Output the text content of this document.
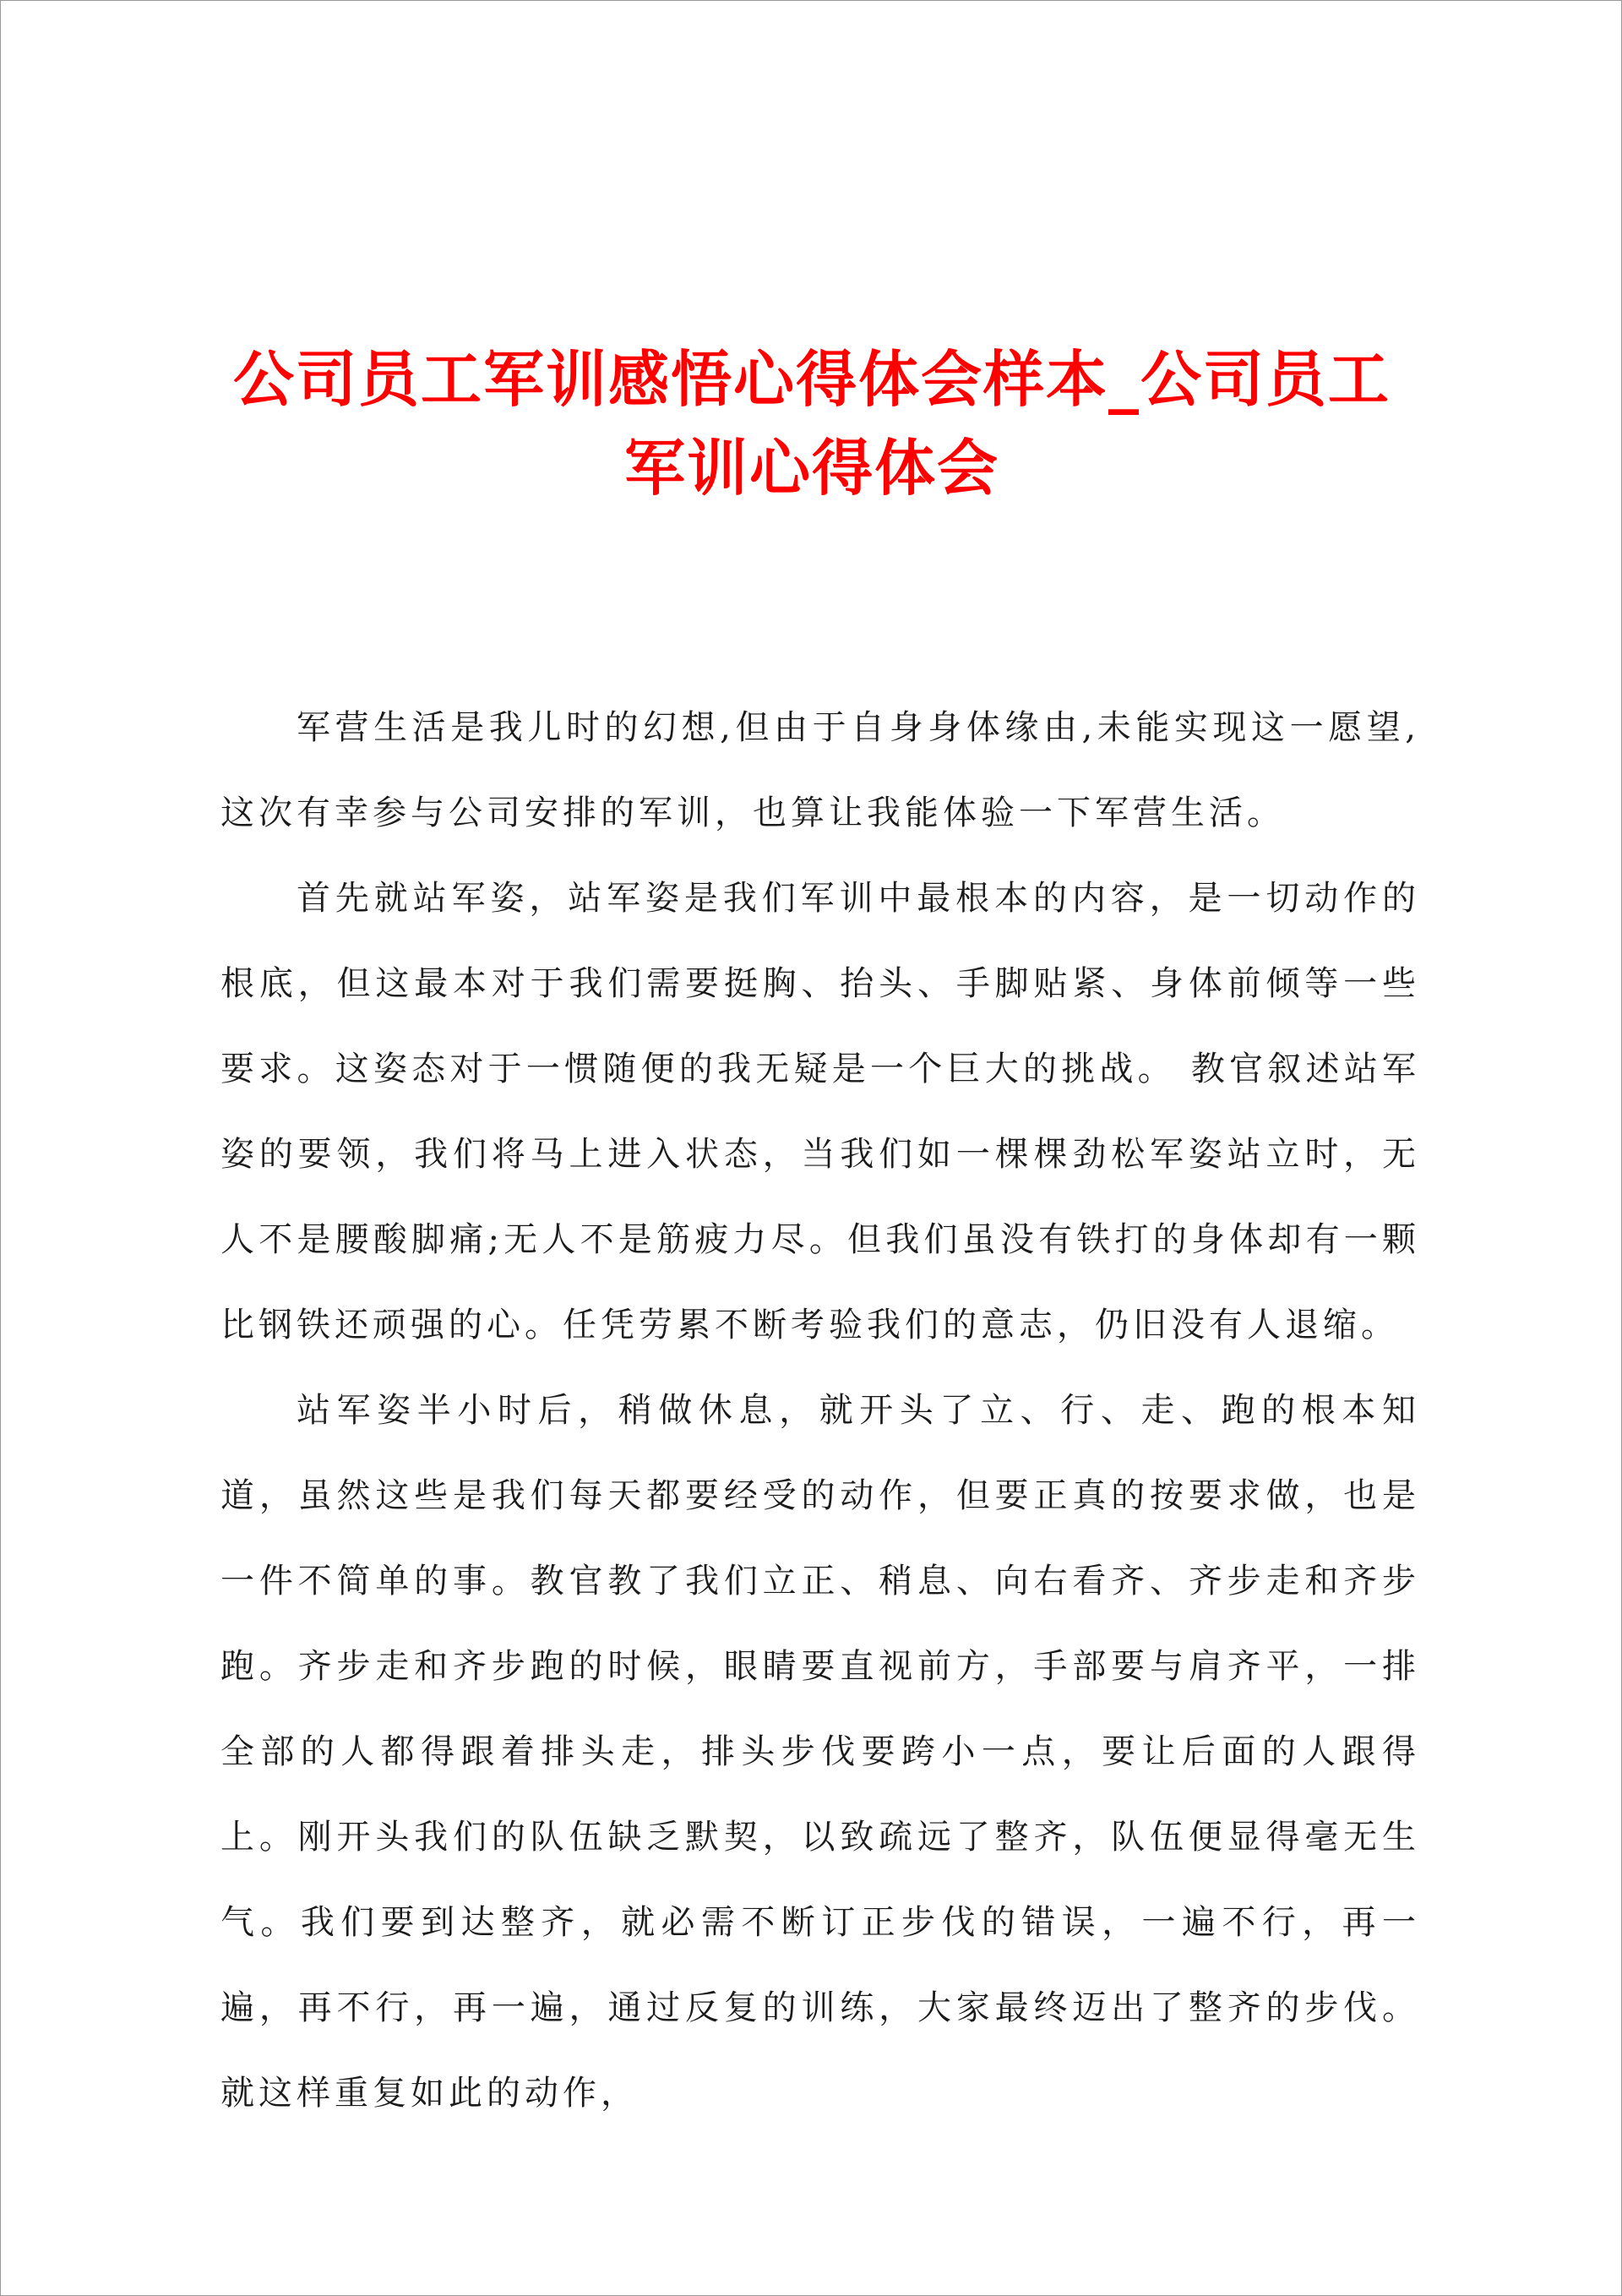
公司员工军训感悟心得体会样本_公司员工军训心得体会

军营生活是我儿时的幻想,但由于自身身体缘由,未能实现这一愿望,这次有幸参与公司安排的军训，也算让我能体验一下军营生活。

首先就站军姿，站军姿是我们军训中最根本的内容，是一切动作的根底，但这最本对于我们需要挺胸、抬头、手脚贴紧、身体前倾等一些要求。这姿态对于一惯随便的我无疑是一个巨大的挑战。 教官叙述站军姿的要领，我们将马上进入状态，当我们如一棵棵劲松军姿站立时，无人不是腰酸脚痛;无人不是筋疲力尽。但我们虽没有铁打的身体却有一颗比钢铁还顽强的心。任凭劳累不断考验我们的意志，仍旧没有人退缩。

站军姿半小时后，稍做休息，就开头了立、行、走、跑的根本知道，虽然这些是我们每天都要经受的动作，但要正真的按要求做，也是一件不简单的事。教官教了我们立正、稍息、向右看齐、齐步走和齐步跑。齐步走和齐步跑的时候，眼睛要直视前方，手部要与肩齐平，一排全部的人都得跟着排头走，排头步伐要跨小一点，要让后面的人跟得上。刚开头我们的队伍缺乏默契，以致疏远了整齐，队伍便显得毫无生气。我们要到达整齐，就必需不断订正步伐的错误，一遍不行，再一遍，再不行，再一遍，通过反复的训练，大家最终迈出了整齐的步伐。就这样重复如此的动作，
